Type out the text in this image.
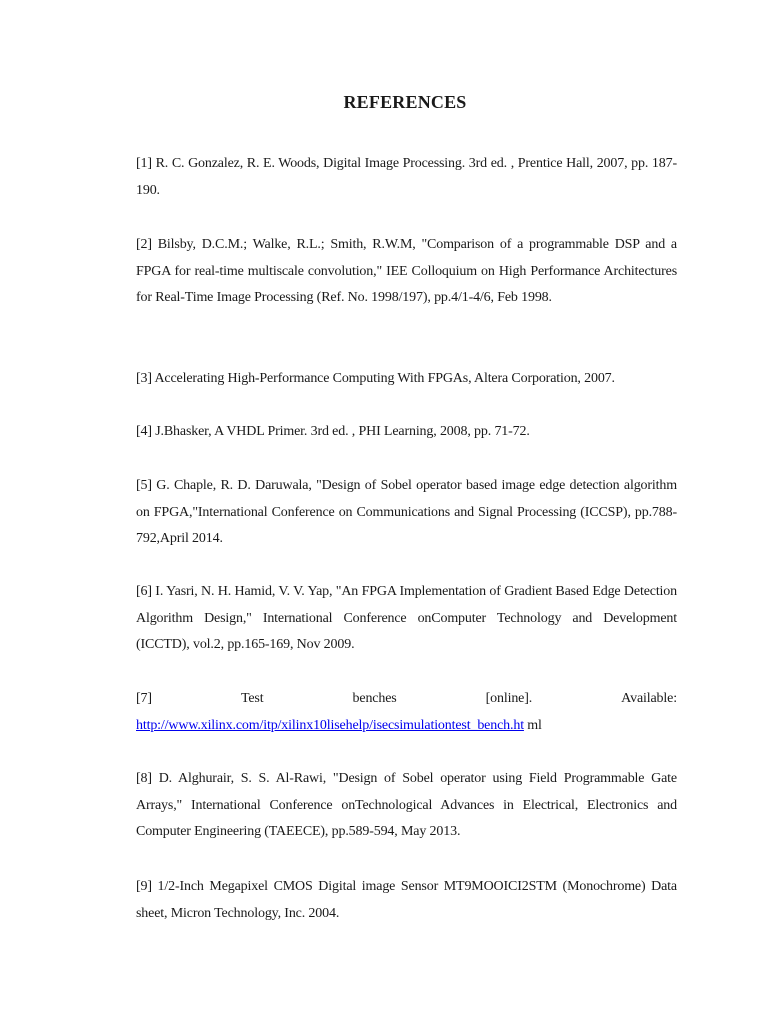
REFERENCES

[1] R. C. Gonzalez, R. E. Woods, Digital Image Processing. 3rd ed. , Prentice Hall, 2007, pp. 187-190.

[2] Bilsby, D.C.M.; Walke, R.L.; Smith, R.W.M, "Comparison of a programmable DSP and a FPGA for real-time multiscale convolution," IEE Colloquium on High Performance Architectures for Real-Time Image Processing (Ref. No. 1998/197), pp.4/1-4/6, Feb 1998.

[3] Accelerating High-Performance Computing With FPGAs, Altera Corporation, 2007.

[4] J.Bhasker, A VHDL Primer. 3rd ed. , PHI Learning, 2008, pp. 71-72.

[5] G. Chaple, R. D. Daruwala, "Design of Sobel operator based image edge detection algorithm on FPGA,"International Conference on Communications and Signal Processing (ICCSP), pp.788-792,April 2014.

[6] I. Yasri, N. H. Hamid, V. V. Yap, "An FPGA Implementation of Gradient Based Edge Detection Algorithm Design," International Conference onComputer Technology and Development (ICCTD), vol.2, pp.165-169, Nov 2009.

[7]	Test	benches	[online].	Available:
http://www.xilinx.com/itp/xilinx10lisehelp/isecsimulationtest_bench.ht ml

[8] D. Alghurair, S. S. Al-Rawi, "Design of Sobel operator using Field Programmable Gate Arrays," International Conference onTechnological Advances in Electrical, Electronics and Computer Engineering (TAEECE), pp.589-594, May 2013.

[9] 1/2-Inch Megapixel CMOS Digital image Sensor MT9MOOICI2STM (Monochrome) Data sheet, Micron Technology, Inc. 2004.
